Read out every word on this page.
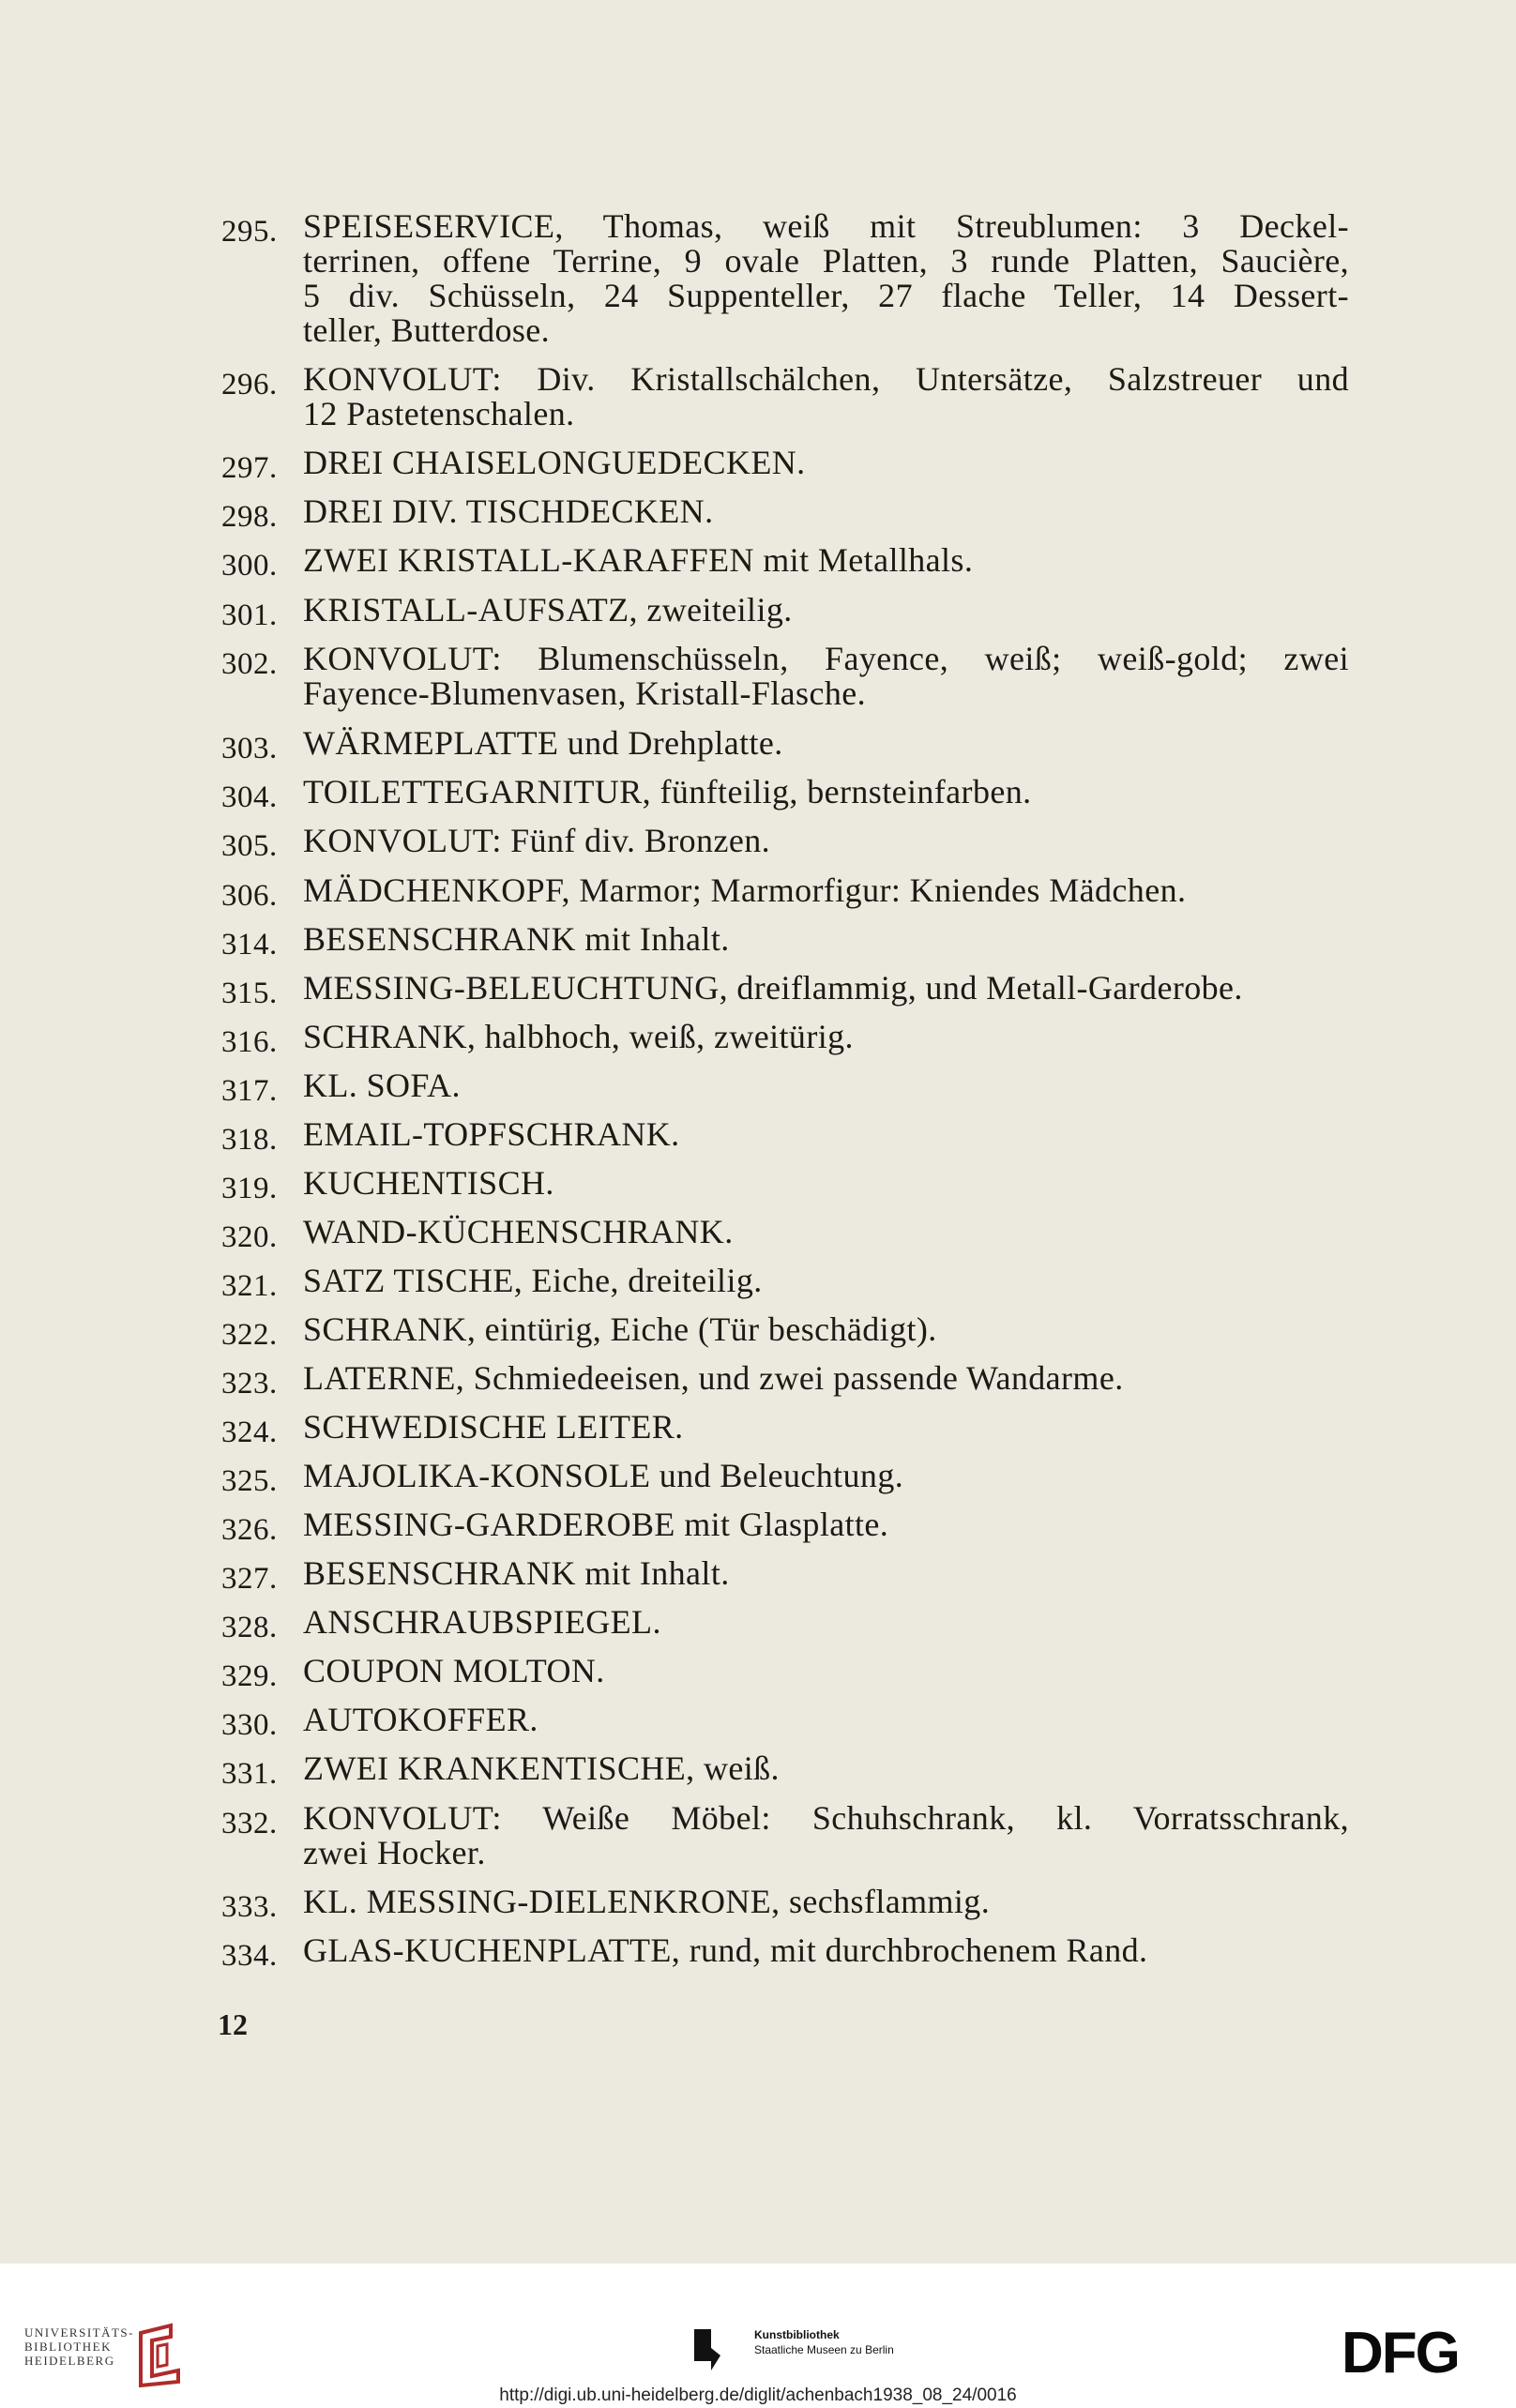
295. SPEISESERVICE, Thomas, weiß mit Streublumen: 3 Deckel-
terrinen, offene Terrine, 9 ovale Platten, 3 runde Platten, Saucière,
5 div. Schüsseln, 24 Suppenteller, 27 flache Teller, 14 Dessert-
teller, Butterdose.
296. KONVOLUT: Div. Kristallschälchen, Untersätze, Salzstreuer und
12 Pastetenschalen.
297. DREI CHAISELONGUEDECKEN.
298. DREI DIV. TISCHDECKEN.
300. ZWEI KRISTALL-KARAFFEN mit Metallhals.
301. KRISTALL-AUFSATZ, zweiteilig.
302. KONVOLUT: Blumenschüsseln, Fayence, weiß; weiß-gold; zwei
Fayence-Blumenvasen, Kristall-Flasche.
303. WÄRMEPLATTE und Drehplatte.
304. TOILETTEGARNITUR, fünfteilig, bernsteinfarben.
305. KONVOLUT: Fünf div. Bronzen.
306. MÄDCHENKOPF, Marmor; Marmorfigur: Kniendes Mädchen.
314. BESENSCHRANK mit Inhalt.
315. MESSING-BELEUCHTUNG, dreiflammig, und Metall-Garderobe.
316. SCHRANK, halbhoch, weiß, zweitürig.
317. KL. SOFA.
318. EMAIL-TOPFSCHRANK.
319. KUCHENTISCH.
320. WAND-KÜCHENSCHRANK.
321. SATZ TISCHE, Eiche, dreiteilig.
322. SCHRANK, eintürig, Eiche (Tür beschädigt).
323. LATERNE, Schmiedeeisen, und zwei passende Wandarme.
324. SCHWEDISCHE LEITER.
325. MAJOLIKA-KONSOLE und Beleuchtung.
326. MESSING-GARDEROBE mit Glasplatte.
327. BESENSCHRANK mit Inhalt.
328. ANSCHRAUBSPIEGEL.
329. COUPON MOLTON.
330. AUTOKOFFER.
331. ZWEI KRANKENTISCHE, weiß.
332. KONVOLUT: Weiße Möbel: Schuhschrank, kl. Vorratsschrank,
zwei Hocker.
333. KL. MESSING-DIELENKRONE, sechsflammig.
334. GLAS-KUCHENPLATTE, rund, mit durchbrochenem Rand.
12
UNIVERSITÄTS-
BIBLIOTHEK
HEIDELBERG
Kunstbibliothek
Staatliche Museen zu Berlin	DFG
http://digi.ub.uni-heidelberg.de/diglit/achenbach1938_08_24/0016
